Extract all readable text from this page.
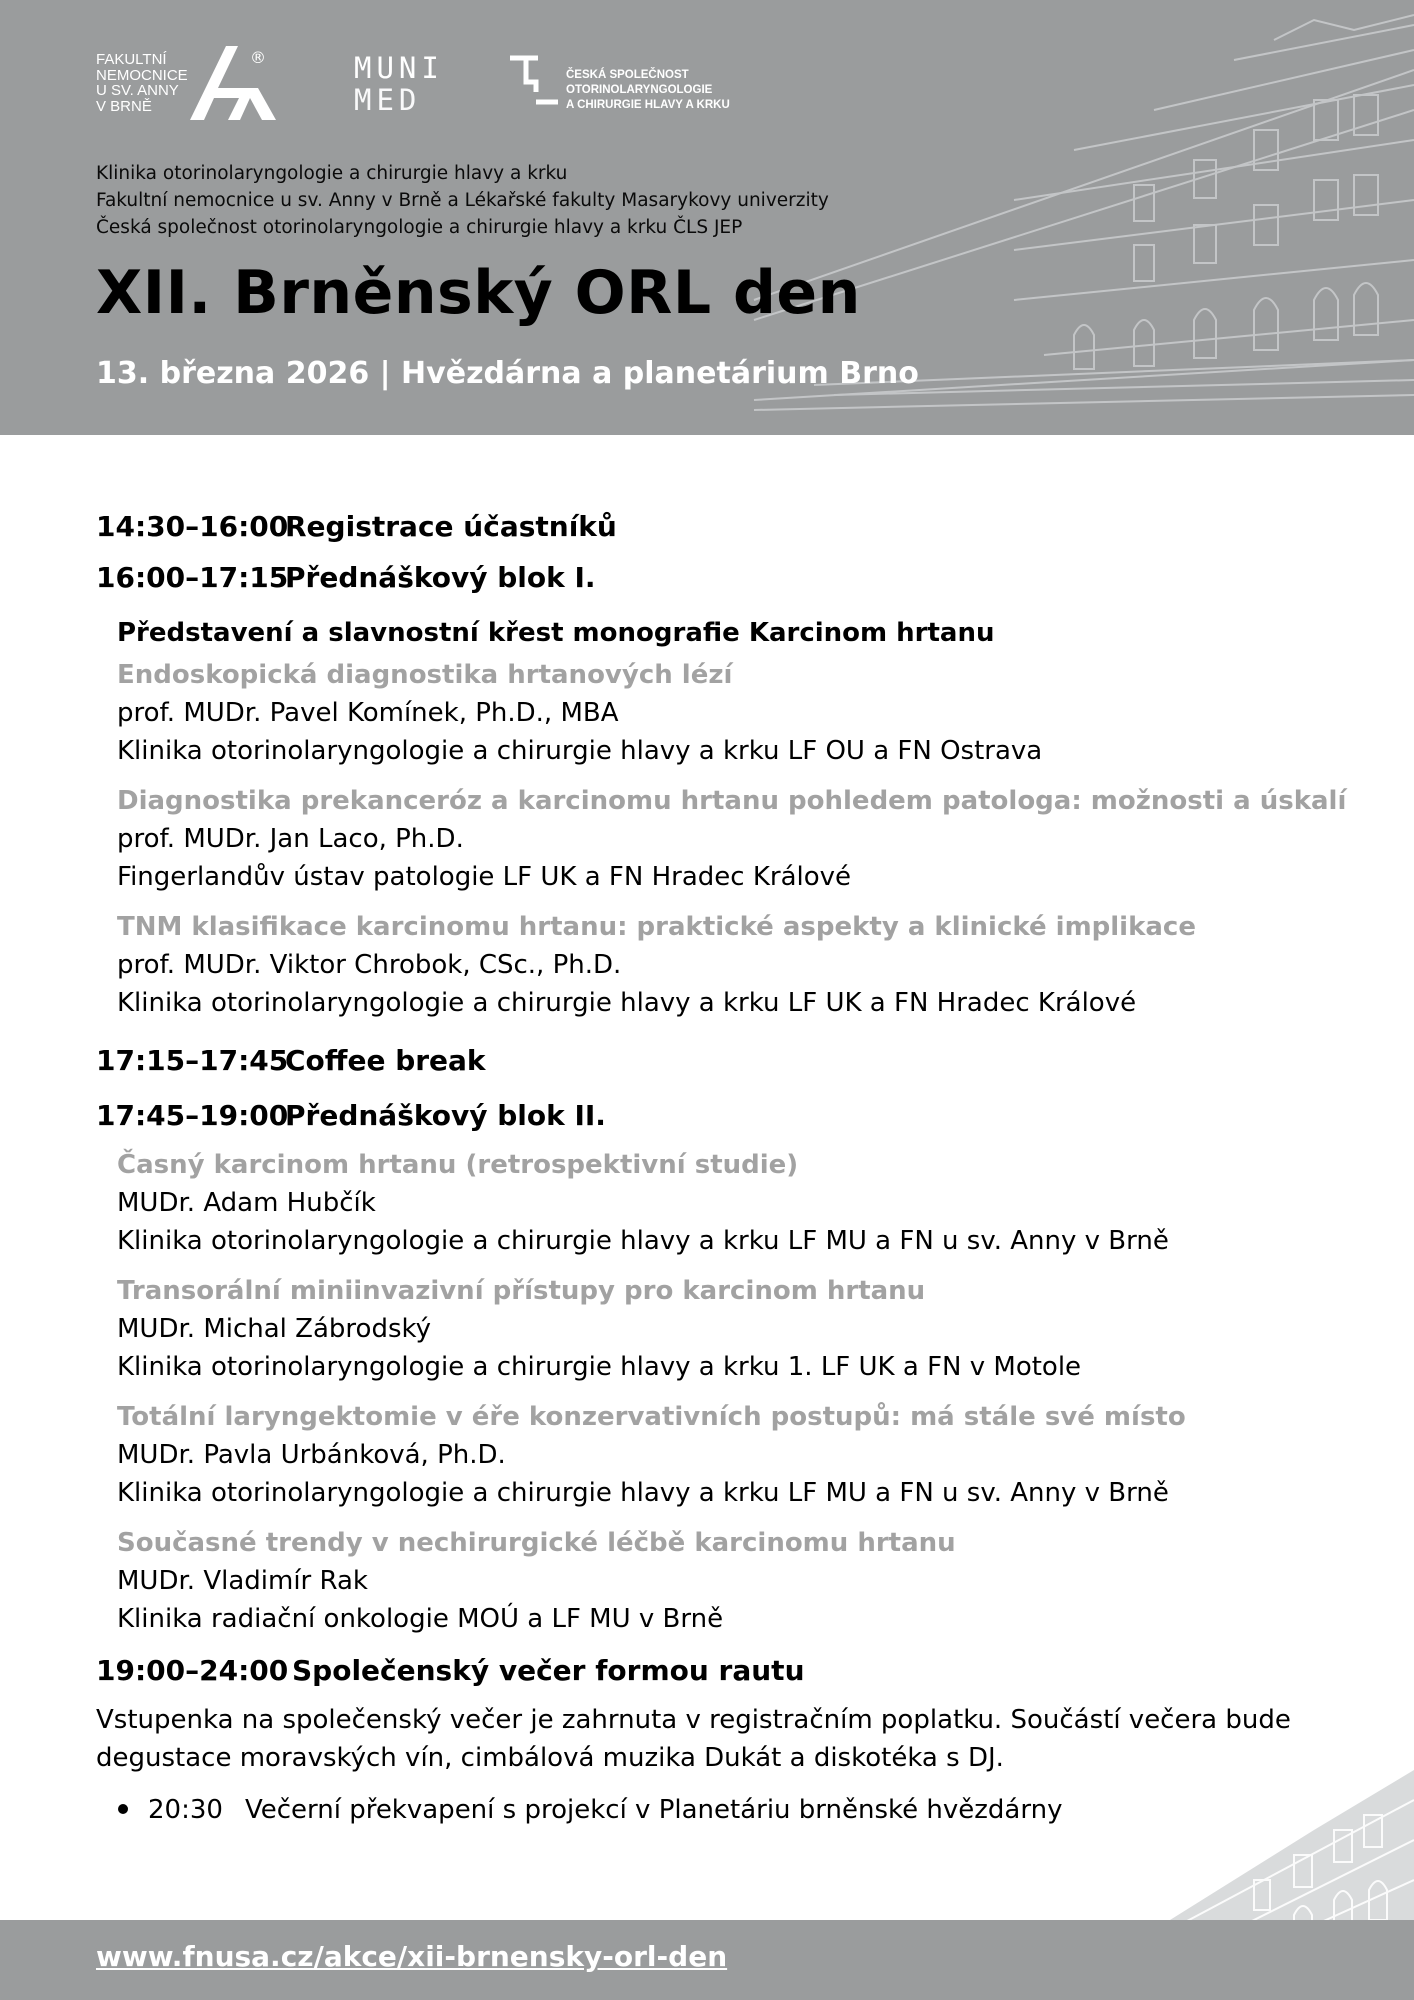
FAKULTNÍ
NEMOCNICE
U SV. ANNY
V BRNĚ
®	MUNI
MED
ČESKÁ SPOLEČNOST
OTORINOLARYNGOLOGIE
A CHIRURGIE HLAVY A KRKU
Klinika otorinolaryngologie a chirurgie hlavy a krku
Fakultní nemocnice u sv. Anny v Brně a Lékařské fakulty Masarykovy univerzity
Česká společnost otorinolaryngologie a chirurgie hlavy a krku ČLS JEP
XII. Brněnský ORL den
13. března 2026 | Hvězdárna a planetárium Brno
14:30–16:00
Registrace účastníků
16:00–17:15
Přednáškový blok I.
Představení a slavnostní křest monografie Karcinom hrtanu
Endoskopická diagnostika hrtanových lézí
prof. MUDr. Pavel Komínek, Ph.D., MBA
Klinika otorinolaryngologie a chirurgie hlavy a krku LF OU a FN Ostrava
Diagnostika prekanceróz a karcinomu hrtanu pohledem patologa: možnosti a úskalí
prof. MUDr. Jan Laco, Ph.D.
Fingerlandův ústav patologie LF UK a FN Hradec Králové
TNM klasifikace karcinomu hrtanu: praktické aspekty a klinické implikace
prof. MUDr. Viktor Chrobok, CSc., Ph.D.
Klinika otorinolaryngologie a chirurgie hlavy a krku LF UK a FN Hradec Králové
17:15–17:45
Coffee break
17:45–19:00
Přednáškový blok II.
Časný karcinom hrtanu (retrospektivní studie)
MUDr. Adam Hubčík
Klinika otorinolaryngologie a chirurgie hlavy a krku LF MU a FN u sv. Anny v Brně
Transorální miniinvazivní přístupy pro karcinom hrtanu
MUDr. Michal Zábrodský
Klinika otorinolaryngologie a chirurgie hlavy a krku 1. LF UK a FN v Motole
Totální laryngektomie v éře konzervativních postupů: má stále své místo
MUDr. Pavla Urbánková, Ph.D.
Klinika otorinolaryngologie a chirurgie hlavy a krku LF MU a FN u sv. Anny v Brně
Současné trendy v nechirurgické léčbě karcinomu hrtanu
MUDr. Vladimír Rak
Klinika radiační onkologie MOÚ a LF MU v Brně
19:00–24:00 Společenský večer formou rautu
Vstupenka na společenský večer je zahrnuta v registračním poplatku. Součástí večera bude degustace moravských vín, cimbálová muzika Dukát a diskotéka s DJ.
20:30 Večerní překvapení s projekcí v Planetáriu brněnské hvězdárny
www.fnusa.cz/akce/xii-brnensky-orl-den
